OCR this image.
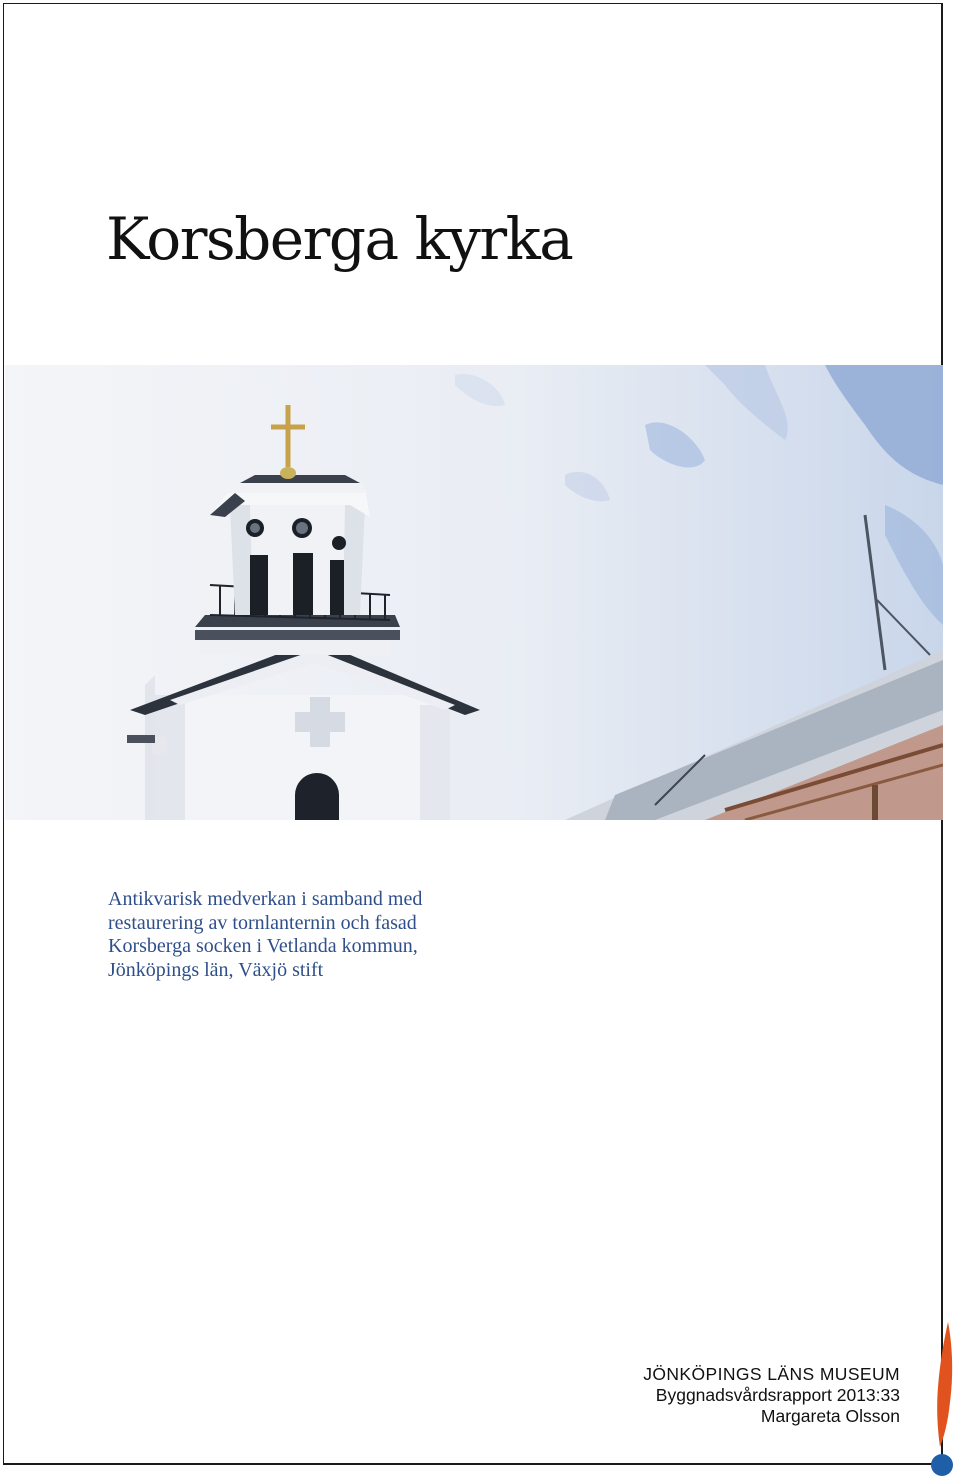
Korsberga kyrka
Antikvarisk medverkan i samband med
restaurering av tornlanternin och fasad
Korsberga socken i Vetlanda kommun,
Jönköpings län, Växjö stift
JÖNKÖPINGS LÄNS MUSEUM
Byggnadsvårdsrapport 2013:33
Margareta Olsson
